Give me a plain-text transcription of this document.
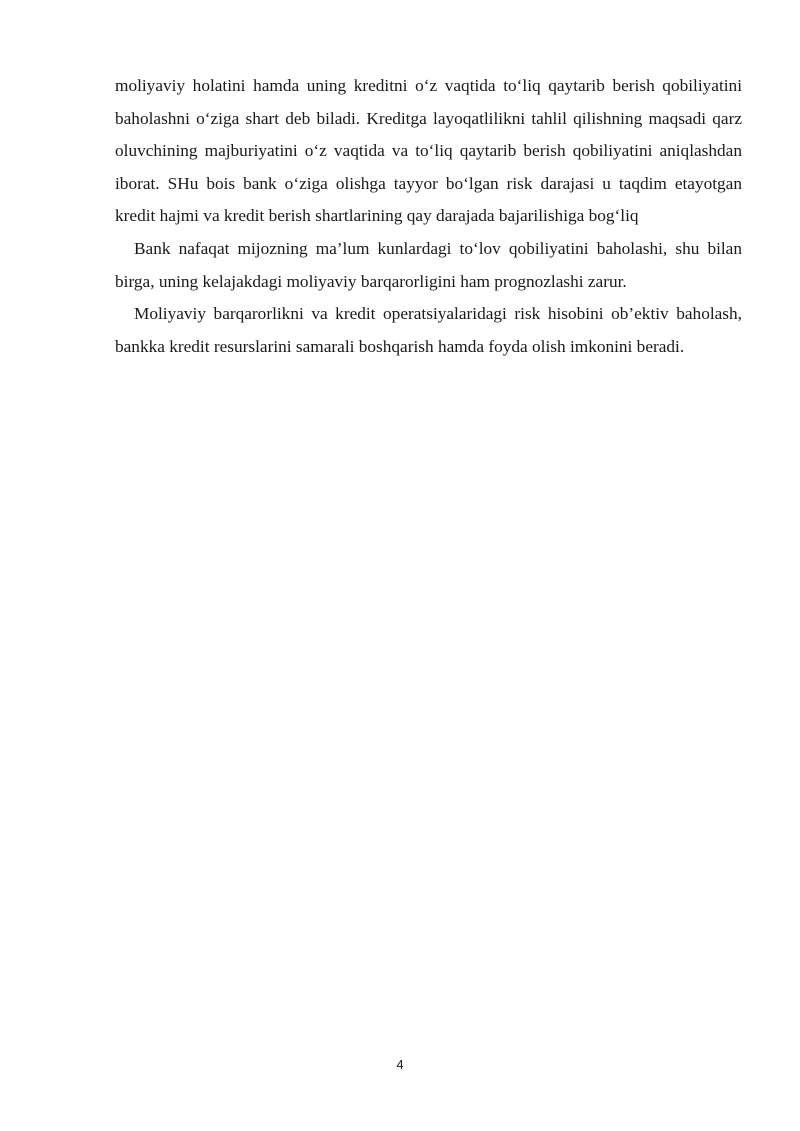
moliyaviy holatini hamda uning kreditni o‘z vaqtida to‘liq qaytarib berish qobiliyatini baholashni o‘ziga shart deb biladi. Kreditga layoqatlilikni tahlil qilishning maqsadi qarz oluvchining majburiyatini o‘z vaqtida va to‘liq qaytarib berish qobiliyatini aniqlashdan iborat. SHu bois bank o‘ziga olishga tayyor bo‘lgan risk darajasi u taqdim etayotgan kredit hajmi va kredit berish shartlarining qay darajada bajarilishiga bog‘liq

Bank nafaqat mijozning ma’lum kunlardagi to‘lov qobiliyatini baholashi, shu bilan birga, uning kelajakdagi moliyaviy barqarorligini ham prognozlashi zarur.

Moliyaviy barqarorlikni va kredit operatsiyalaridagi risk hisobini ob’ektiv baholash, bankka kredit resurslarini samarali boshqarish hamda foyda olish imkonini beradi.

4
